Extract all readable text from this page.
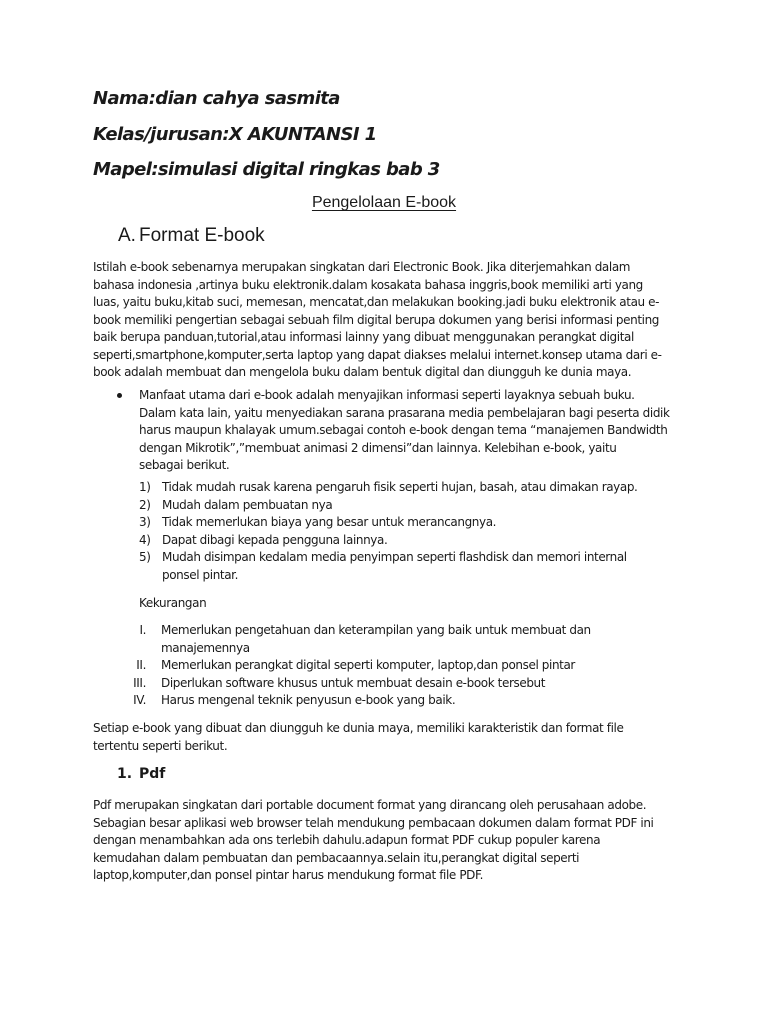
Nama:dian cahya sasmita

Kelas/jurusan:X AKUNTANSI 1

Mapel:simulasi digital ringkas bab 3

Pengelolaan E-book
A. Format E-book
Istilah e-book sebenarnya merupakan singkatan dari Electronic Book. Jika diterjemahkan dalam
bahasa indonesia ,artinya buku elektronik.dalam kosakata bahasa inggris,book memiliki arti yang
luas, yaitu buku,kitab suci, memesan, mencatat,dan melakukan booking.jadi buku elektronik atau e-
book memiliki pengertian sebagai sebuah film digital berupa dokumen yang berisi informasi penting
baik berupa panduan,tutorial,atau informasi lainny yang dibuat menggunakan perangkat digital
seperti,smartphone,komputer,serta laptop yang dapat diakses melalui internet.konsep utama dari e-
book adalah membuat dan mengelola buku dalam bentuk digital dan diungguh ke dunia maya.
Manfaat utama dari e-book adalah menyajikan informasi seperti layaknya sebuah buku.
Dalam kata lain, yaitu menyediakan sarana prasarana media pembelajaran bagi peserta didik
harus maupun khalayak umum.sebagai contoh e-book dengan tema “manajemen Bandwidth
dengan Mikrotik”,”membuat animasi 2 dimensi”dan lainnya. Kelebihan e-book, yaitu
sebagai berikut.
1) Tidak mudah rusak karena pengaruh fisik seperti hujan, basah, atau dimakan rayap.
2) Mudah dalam pembuatan nya
3) Tidak memerlukan biaya yang besar untuk merancangnya.
4) Dapat dibagi kepada pengguna lainnya.
5) Mudah disimpan kedalam media penyimpan seperti flashdisk dan memori internal
ponsel pintar.
Kekurangan
I. Memerlukan pengetahuan dan keterampilan yang baik untuk membuat dan
manajemennya
II. Memerlukan perangkat digital seperti komputer, laptop,dan ponsel pintar
III. Diperlukan software khusus untuk membuat desain e-book tersebut
IV. Harus mengenal teknik penyusun e-book yang baik.
Setiap e-book yang dibuat dan diungguh ke dunia maya, memiliki karakteristik dan format file
tertentu seperti berikut.
1. Pdf
Pdf merupakan singkatan dari portable document format yang dirancang oleh perusahaan adobe.
Sebagian besar aplikasi web browser telah mendukung pembacaan dokumen dalam format PDF ini
dengan menambahkan ada ons terlebih dahulu.adapun format PDF cukup populer karena
kemudahan dalam pembuatan dan pembacaannya.selain itu,perangkat digital seperti
laptop,komputer,dan ponsel pintar harus mendukung format file PDF.
